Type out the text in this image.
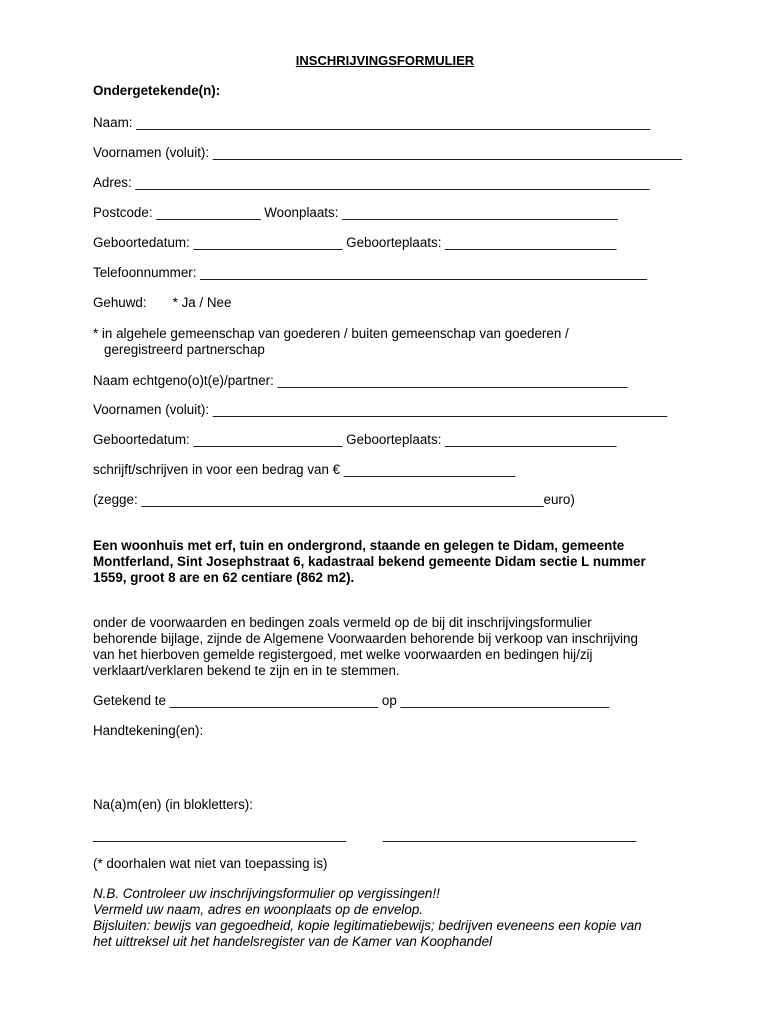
INSCHRIJVINGSFORMULIER
Ondergetekende(n):
Naam: _____________________________________________________________________
Voornamen (voluit): _______________________________________________________________
Adres: _____________________________________________________________________
Postcode: ______________ Woonplaats: _____________________________________
Geboortedatum: ____________________ Geboorteplaats: _______________________
Telefoonnummer: ____________________________________________________________
Gehuwd:       * Ja / Nee
* in algehele gemeenschap van goederen / buiten gemeenschap van goederen /
geregistreerd partnerschap
Naam echtgeno(o)t(e)/partner: _______________________________________________
Voornamen (voluit): _____________________________________________________________
Geboortedatum: ____________________ Geboorteplaats: _______________________
schrijft/schrijven in voor een bedrag van € _______________________
(zegge: ______________________________________________________euro)
Een woonhuis met erf, tuin en ondergrond, staande en gelegen te Didam, gemeente
Montferland, Sint Josephstraat 6, kadastraal bekend gemeente Didam sectie L nummer
1559, groot 8 are en 62 centiare (862 m2).
onder de voorwaarden en bedingen zoals vermeld op de bij dit inschrijvingsformulier
behorende bijlage, zijnde de Algemene Voorwaarden behorende bij verkoop van inschrijving
van het hierboven gemelde registergoed, met welke voorwaarden en bedingen hij/zij
verklaart/verklaren bekend te zijn en in te stemmen.
Getekend te ____________________________ op ____________________________
Handtekening(en):
Na(a)m(en) (in blokletters):
__________________________________	__________________________________
(* doorhalen wat niet van toepassing is)
N.B. Controleer uw inschrijvingsformulier op vergissingen!!
Vermeld uw naam, adres en woonplaats op de envelop.
Bijsluiten: bewijs van gegoedheid, kopie legitimatiebewijs; bedrijven eveneens een kopie van
het uittreksel uit het handelsregister van de Kamer van Koophandel
